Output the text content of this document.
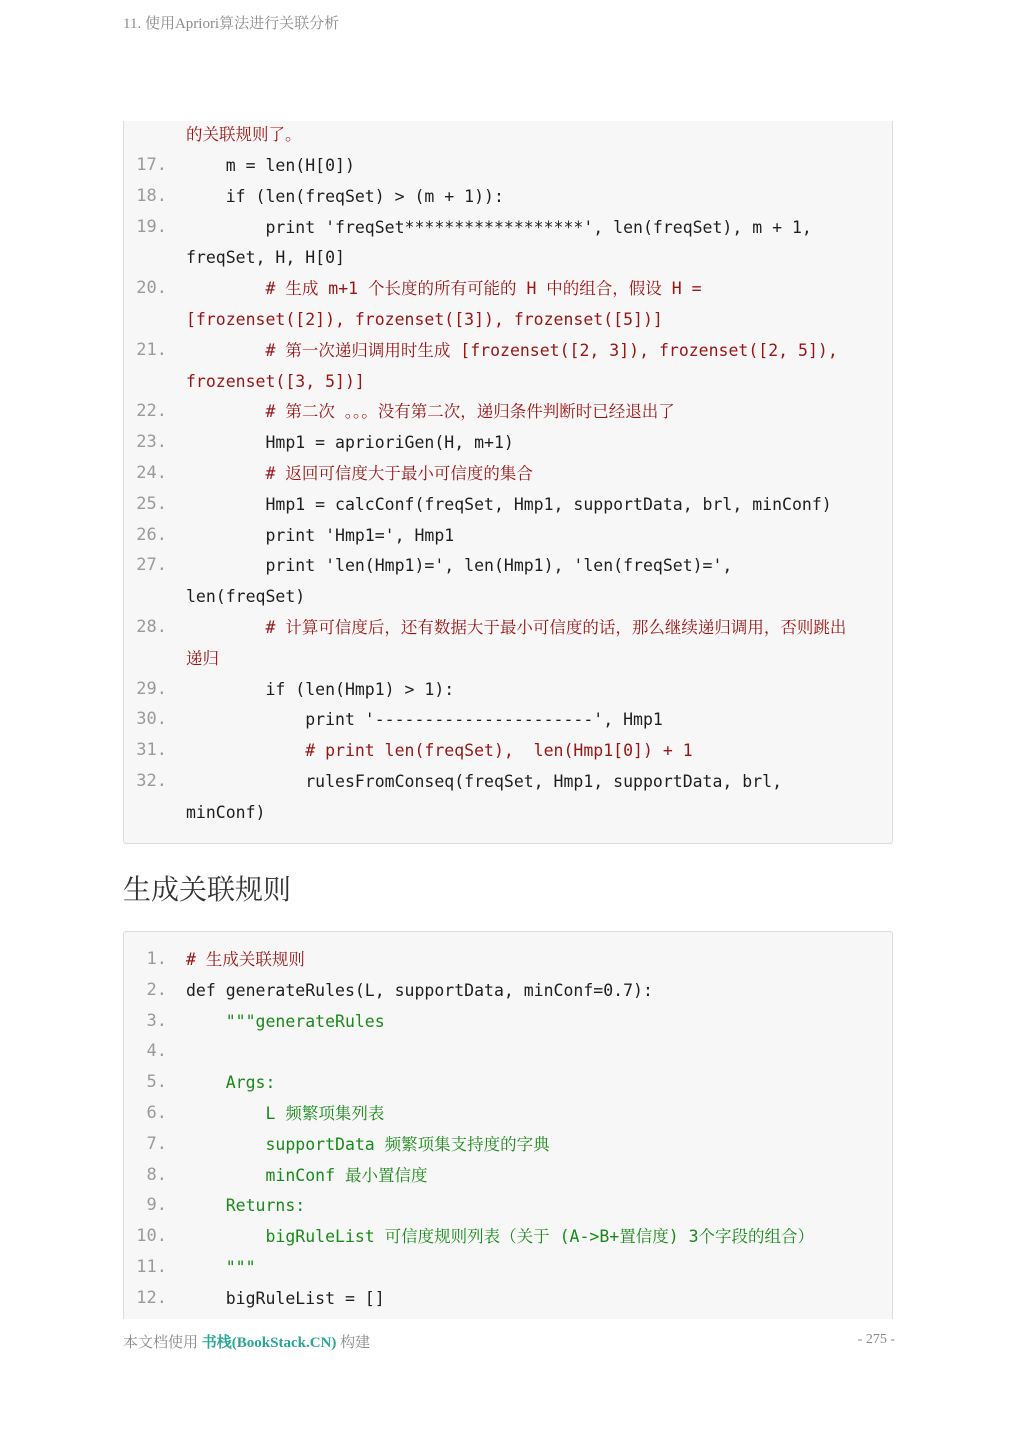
11. 使用Apriori算法进行关联分析

的关联规则了。

17.

m = len(H[0])

18.

if (len(freqSet) > (m + 1)):

19.

print 'freqSet******************', len(freqSet), m + 1,

freqSet, H, H[0]

20.

# 生成 m+1 个长度的所有可能的 H 中的组合，假设 H =

[frozenset([2]), frozenset([3]), frozenset([5])]

21.

# 第一次递归调用时生成 [frozenset([2, 3]), frozenset([2, 5]),

frozenset([3, 5])]

22.

# 第二次 。。。没有第二次，递归条件判断时已经退出了

23.

Hmp1 = aprioriGen(H, m+1)

24.

# 返回可信度大于最小可信度的集合

25.

Hmp1 = calcConf(freqSet, Hmp1, supportData, brl, minConf)

26.

print 'Hmp1=', Hmp1

27.

print 'len(Hmp1)=', len(Hmp1), 'len(freqSet)=',

len(freqSet)

28.

# 计算可信度后，还有数据大于最小可信度的话，那么继续递归调用，否则跳出

递归

29.

if (len(Hmp1) > 1):

30.

print '----------------------', Hmp1

31.

# print len(freqSet),  len(Hmp1[0]) + 1

32.

rulesFromConseq(freqSet, Hmp1, supportData, brl,

minConf)

生成关联规则

1.

# 生成关联规则

2.

def generateRules(L, supportData, minConf=0.7):

3.

"""generateRules

4.

5.

Args:

6.

L 频繁项集列表

7.

supportData 频繁项集支持度的字典

8.

minConf 最小置信度

9.

Returns:

10.

bigRuleList 可信度规则列表（关于 (A->B+置信度) 3个字段的组合）

11.

"""

12.

bigRuleList = []

本文档使用 书栈(BookStack.CN) 构建	- 275 -
